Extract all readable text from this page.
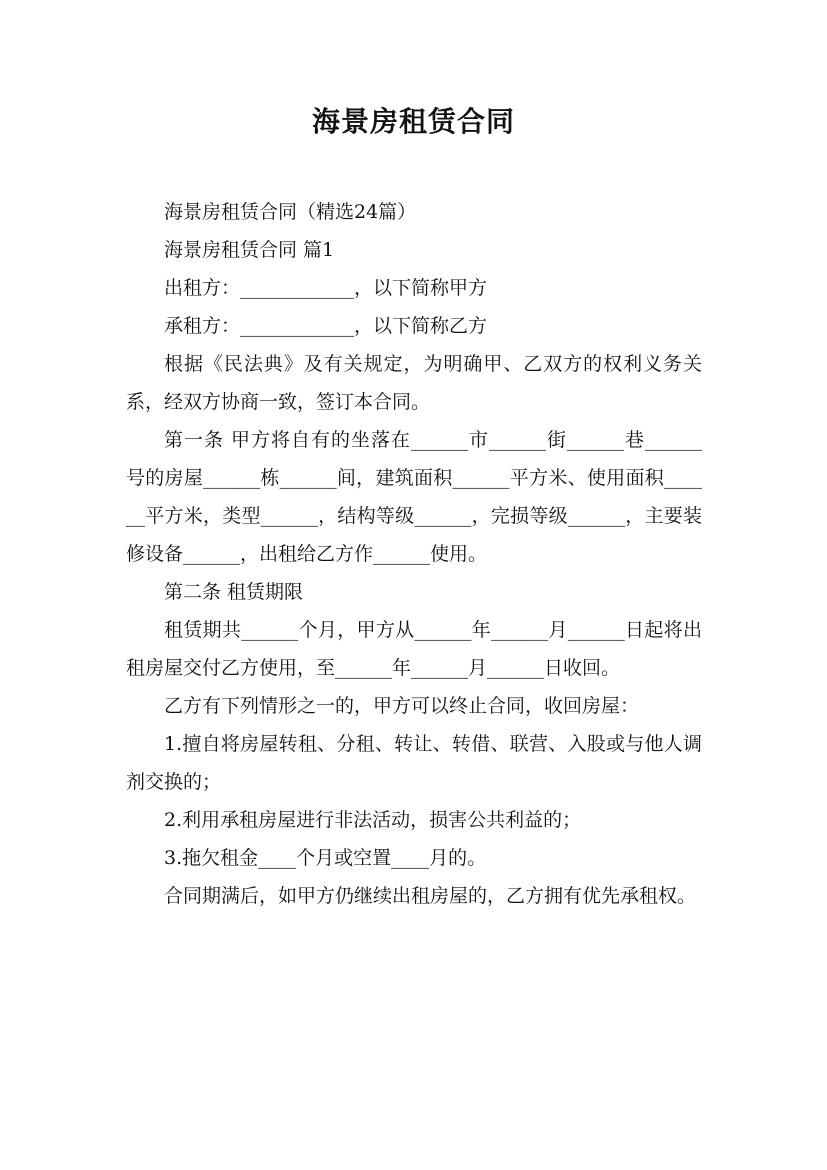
海景房租赁合同

海景房租赁合同（精选24篇）

海景房租赁合同 篇1

出租方：____________，以下简称甲方

承租方：____________，以下简称乙方

根据《民法典》及有关规定，为明确甲、乙双方的权利义务关系，经双方协商一致，签订本合同。

第一条 甲方将自有的坐落在______市______街______巷______号的房屋______栋______间，建筑面积______平方米、使用面积______平方米，类型______，结构等级______，完损等级______，主要装修设备______，出租给乙方作______使用。

第二条 租赁期限

租赁期共______个月，甲方从______年______月______日起将出租房屋交付乙方使用，至______年______月______日收回。

乙方有下列情形之一的，甲方可以终止合同，收回房屋：

1.擅自将房屋转租、分租、转让、转借、联营、入股或与他人调剂交换的；

2.利用承租房屋进行非法活动，损害公共利益的；

3.拖欠租金____个月或空置____月的。

合同期满后，如甲方仍继续出租房屋的，乙方拥有优先承租权。
